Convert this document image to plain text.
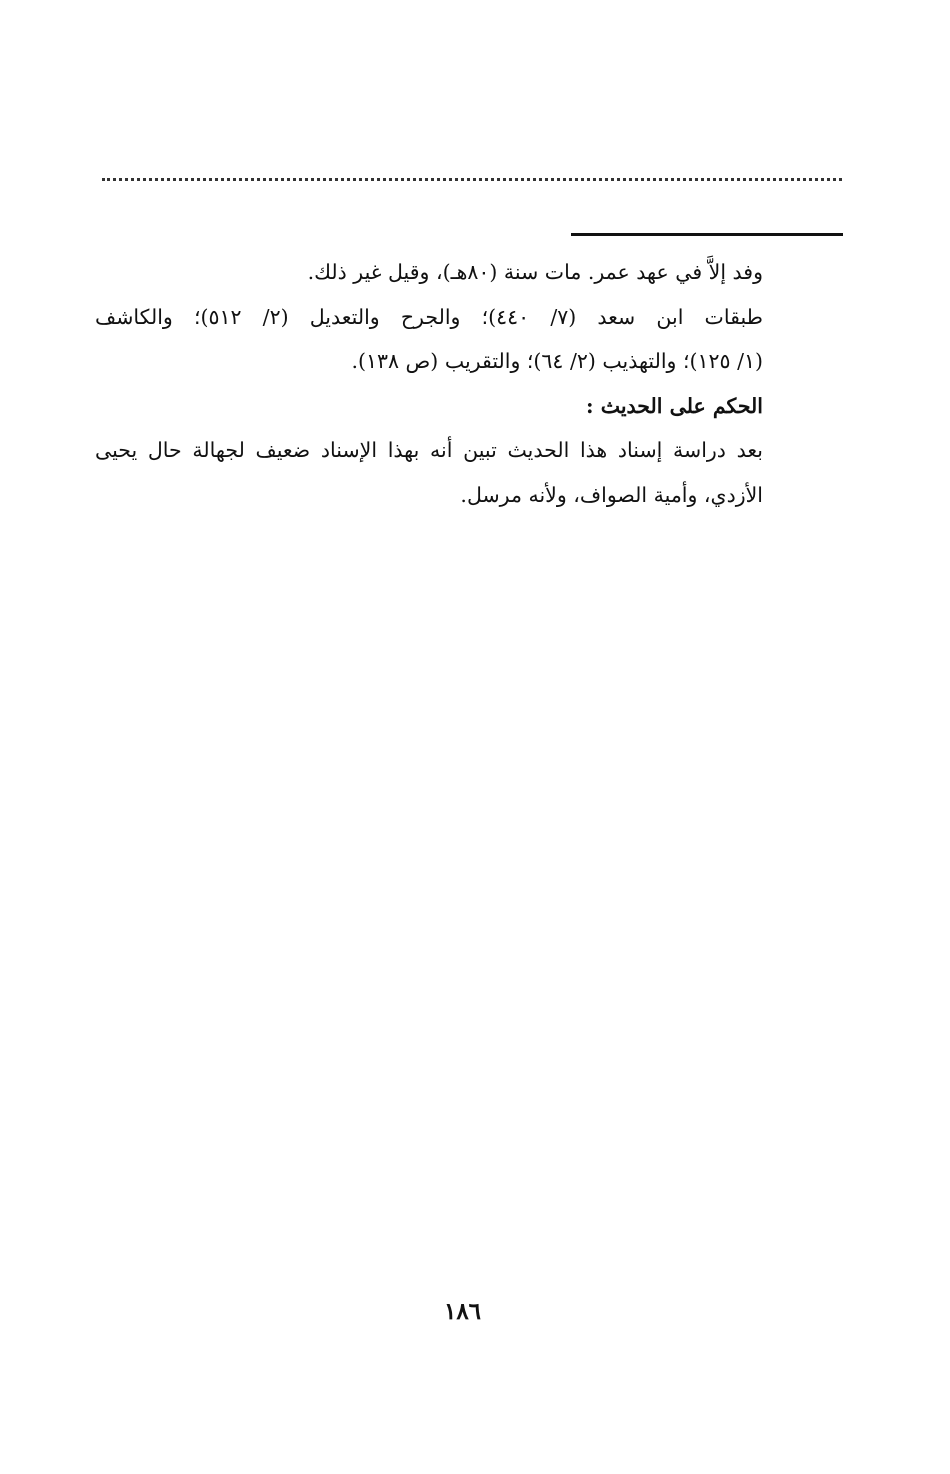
وفد إلاَّ في عهد عمر. مات سنة (٨٠هـ)، وقيل غير ذلك.

طبقات ابن سعد (٧/ ٤٤٠)؛ والجرح والتعديل (٢/ ٥١٢)؛ والكاشف

(١/ ١٢٥)؛ والتهذيب (٢/ ٦٤)؛ والتقريب (ص ١٣٨).

الحكم على الحديث :

بعد دراسة إسناد هذا الحديث تبين أنه بهذا الإسناد ضعيف لجهالة حال يحيى

الأزدي، وأمية الصواف، ولأنه مرسل.

١٨٦
